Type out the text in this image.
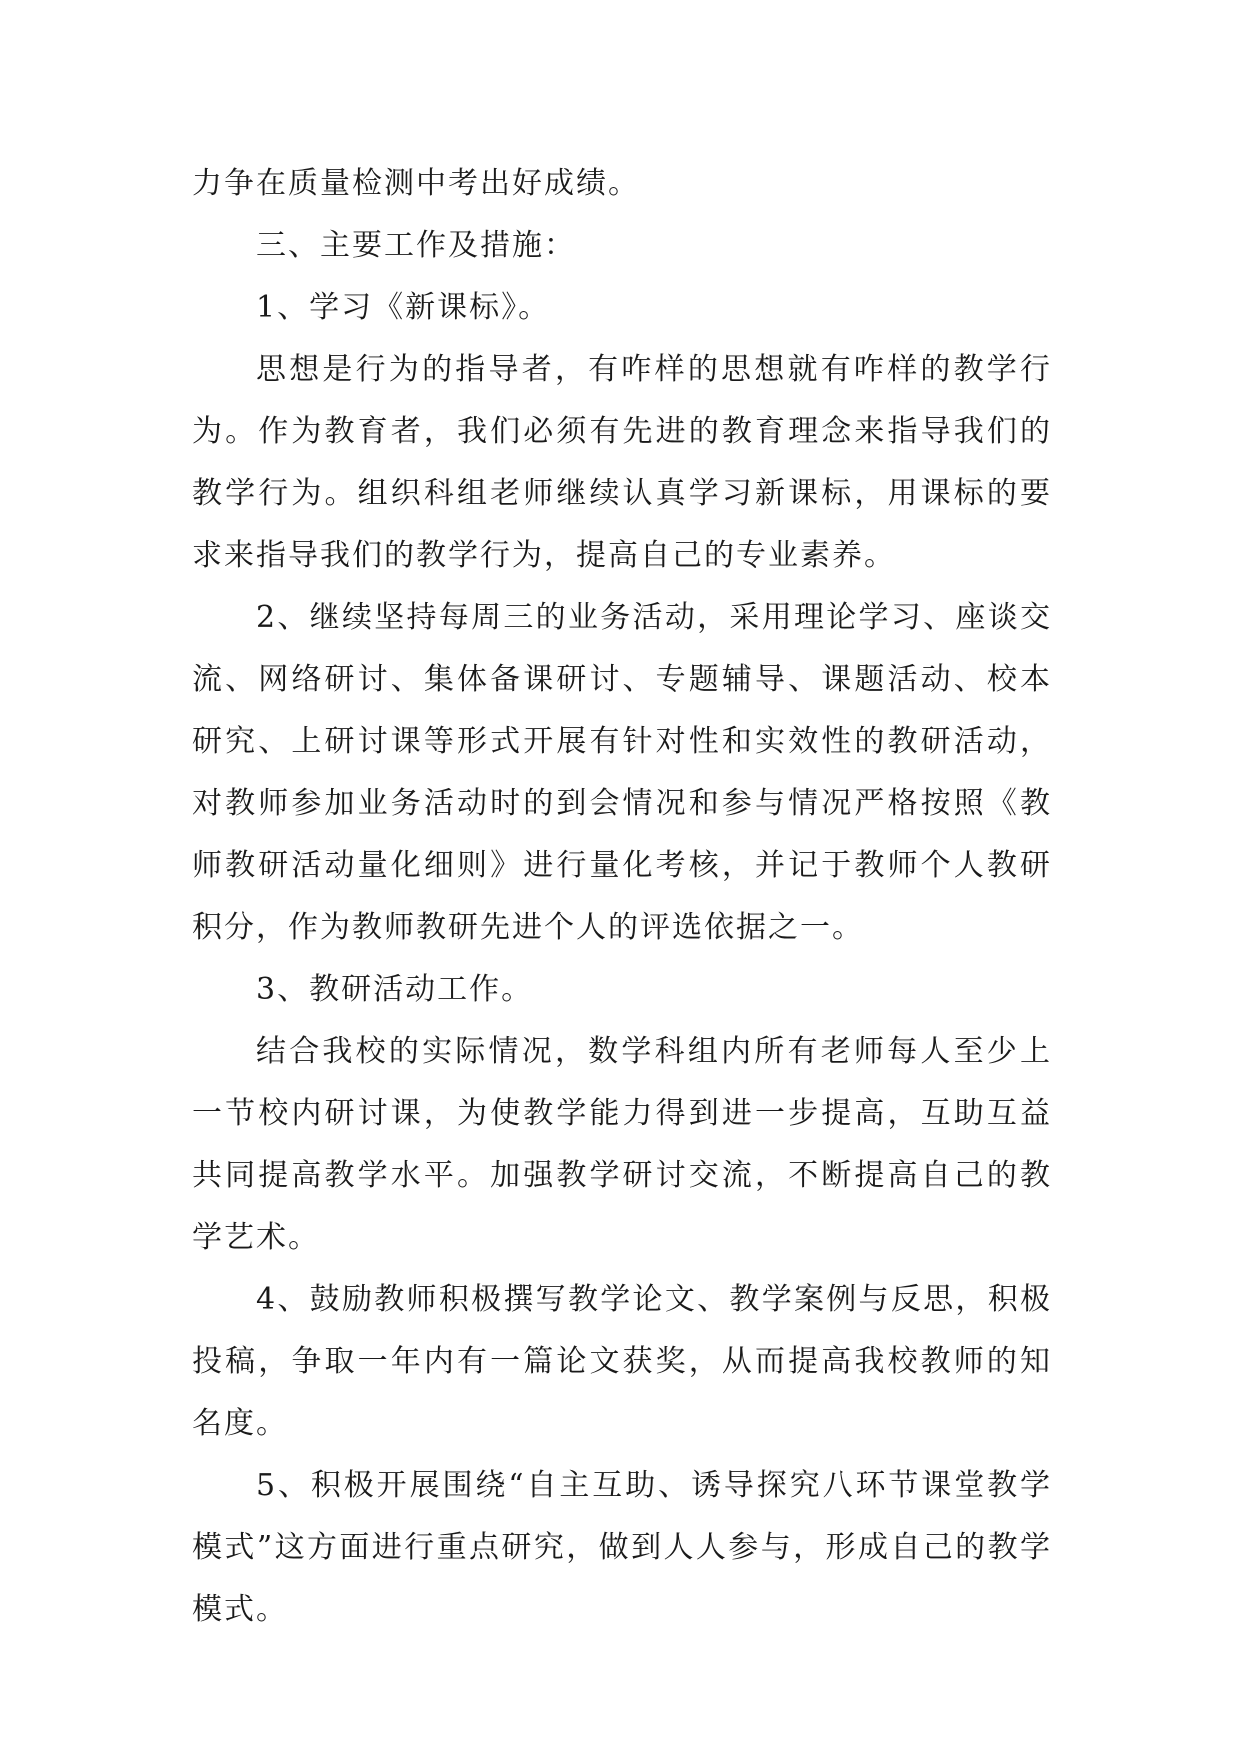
力争在质量检测中考出好成绩。

三、主要工作及措施：

1、学习《新课标》。

思想是行为的指导者，有咋样的思想就有咋样的教学行为。作为教育者，我们必须有先进的教育理念来指导我们的教学行为。组织科组老师继续认真学习新课标，用课标的要求来指导我们的教学行为，提高自己的专业素养。

2、继续坚持每周三的业务活动，采用理论学习、座谈交流、网络研讨、集体备课研讨、专题辅导、课题活动、校本研究、上研讨课等形式开展有针对性和实效性的教研活动，对教师参加业务活动时的到会情况和参与情况严格按照《教师教研活动量化细则》进行量化考核，并记于教师个人教研积分，作为教师教研先进个人的评选依据之一。

3、教研活动工作。

结合我校的实际情况，数学科组内所有老师每人至少上一节校内研讨课，为使教学能力得到进一步提高，互助互益共同提高教学水平。加强教学研讨交流，不断提高自己的教学艺术。

4、鼓励教师积极撰写教学论文、教学案例与反思，积极投稿，争取一年内有一篇论文获奖，从而提高我校教师的知名度。

5、积极开展围绕“自主互助、诱导探究八环节课堂教学模式”这方面进行重点研究，做到人人参与，形成自己的教学模式。
